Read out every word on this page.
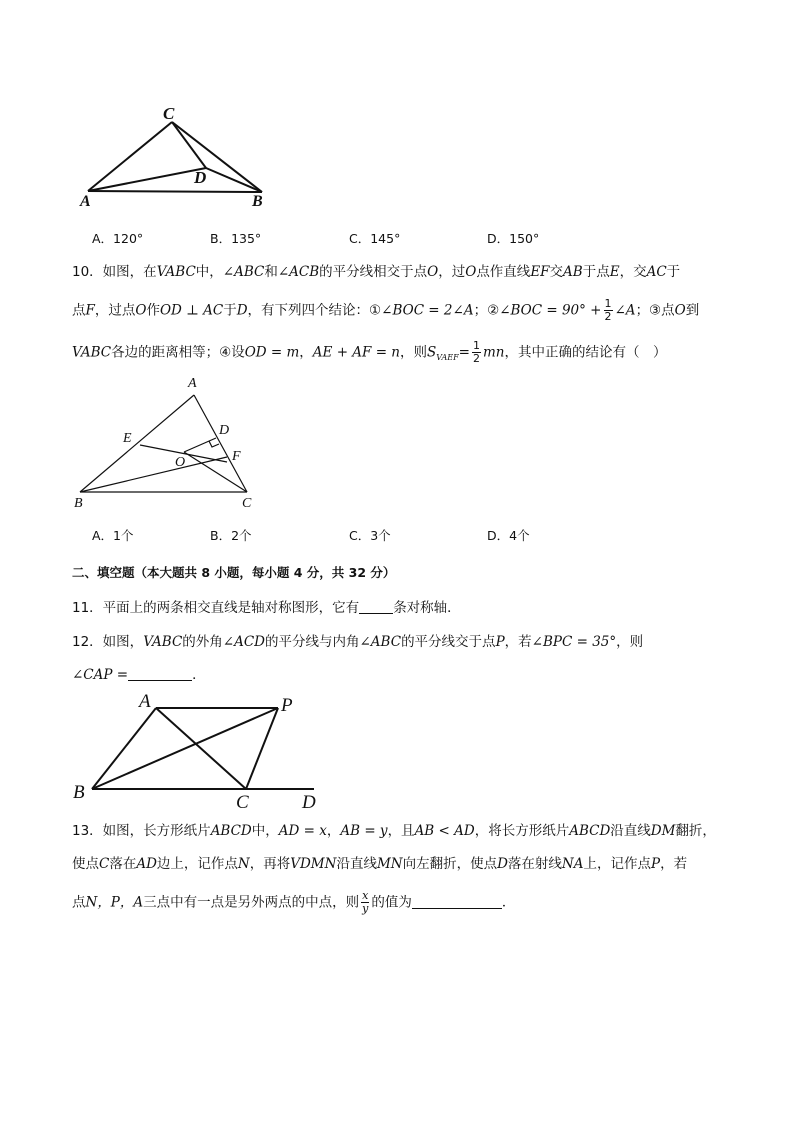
C
D
A	B
A．120°	B．135°	C．145°	D．150°
10．如图，在VABC中，∠ABC和∠ACB的平分线相交于点O，过O点作直线EF交AB于点E，交AC于
点F，过点O作OD ⊥ AC于D，有下列四个结论：①∠BOC = 2∠A；②∠BOC = $90^\circ + \frac{1}{2}$ ∠A；③点O到
VABC各边的距离相等；④设OD = m，AE + AF = n，则$S_{VAEF}= \frac{1}{2}$ mn，其中正确的结论有（　）
A
E
D
O	F
B	C
A．1个	B．2个	C．3个	D．4个
二、填空题（本大题共 8 小题，每小题 4 分，共 32 分）
11．平面上的两条相交直线是轴对称图形，它有	条对称轴．
12．如图，VABC的外角∠ACD的平分线与内角∠ABC的平分线交于点P，若∠BPC = 35°，则
∠CAP =	．
A	P
B	C	D
13．如图，长方形纸片ABCD中，AD = x，AB = y，且AB < AD，将长方形纸片ABCD沿直线DM翻折，
使点C落在AD边上，记作点N，再将VDMN沿直线MN向左翻折，使点D落在射线NA上，记作点P，若
点N，P，A三点中有一点是另外两点的中点，则 $\frac{x}{y}$ 的值为	．
